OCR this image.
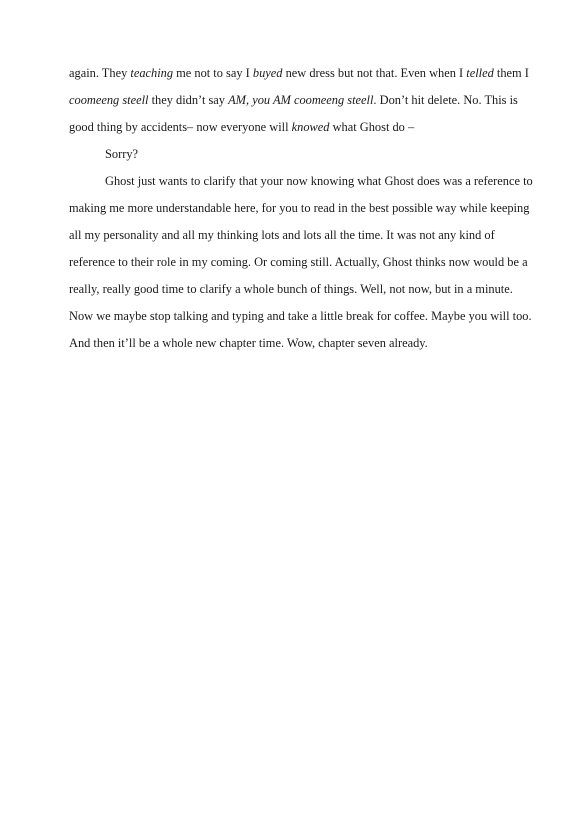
again. They teaching me not to say I buyed new dress but not that. Even when I telled them I
coomeeng steell they didn’t say AM, you AM coomeeng steell. Don’t hit delete. No. This is
good thing by accidents– now everyone will knowed what Ghost do –
Sorry?
Ghost just wants to clarify that your now knowing what Ghost does was a reference to
making me more understandable here, for you to read in the best possible way while keeping
all my personality and all my thinking lots and lots all the time. It was not any kind of
reference to their role in my coming. Or coming still. Actually, Ghost thinks now would be a
really, really good time to clarify a whole bunch of things. Well, not now, but in a minute.
Now we maybe stop talking and typing and take a little break for coffee. Maybe you will too.
And then it’ll be a whole new chapter time. Wow, chapter seven already.
